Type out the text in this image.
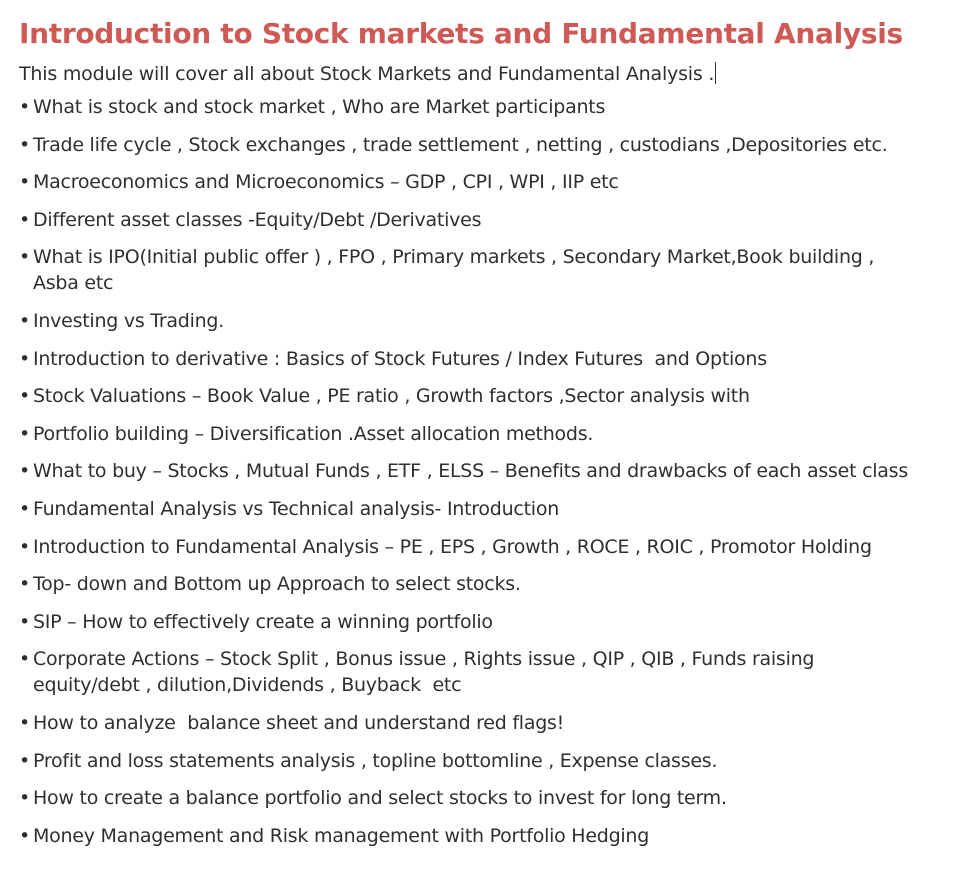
Introduction to Stock markets and Fundamental Analysis

This module will cover all about Stock Markets and Fundamental Analysis .

• What is stock and stock market , Who are Market participants
• Trade life cycle , Stock exchanges , trade settlement , netting , custodians ,Depositories etc.
• Macroeconomics and Microeconomics – GDP , CPI , WPI , IIP etc
• Different asset classes -Equity/Debt /Derivatives
• What is IPO(Initial public offer ) , FPO , Primary markets , Secondary Market,Book building ,
Asba etc
• Investing vs Trading.
• Introduction to derivative : Basics of Stock Futures / Index Futures  and Options
• Stock Valuations – Book Value , PE ratio , Growth factors ,Sector analysis with
• Portfolio building – Diversification .Asset allocation methods.
• What to buy – Stocks , Mutual Funds , ETF , ELSS – Benefits and drawbacks of each asset class
• Fundamental Analysis vs Technical analysis- Introduction
• Introduction to Fundamental Analysis – PE , EPS , Growth , ROCE , ROIC , Promotor Holding
• Top- down and Bottom up Approach to select stocks.
• SIP – How to effectively create a winning portfolio
• Corporate Actions – Stock Split , Bonus issue , Rights issue , QIP , QIB , Funds raising
equity/debt , dilution,Dividends , Buyback  etc
• How to analyze  balance sheet and understand red flags!
• Profit and loss statements analysis , topline bottomline , Expense classes.
• How to create a balance portfolio and select stocks to invest for long term.
• Money Management and Risk management with Portfolio Hedging
